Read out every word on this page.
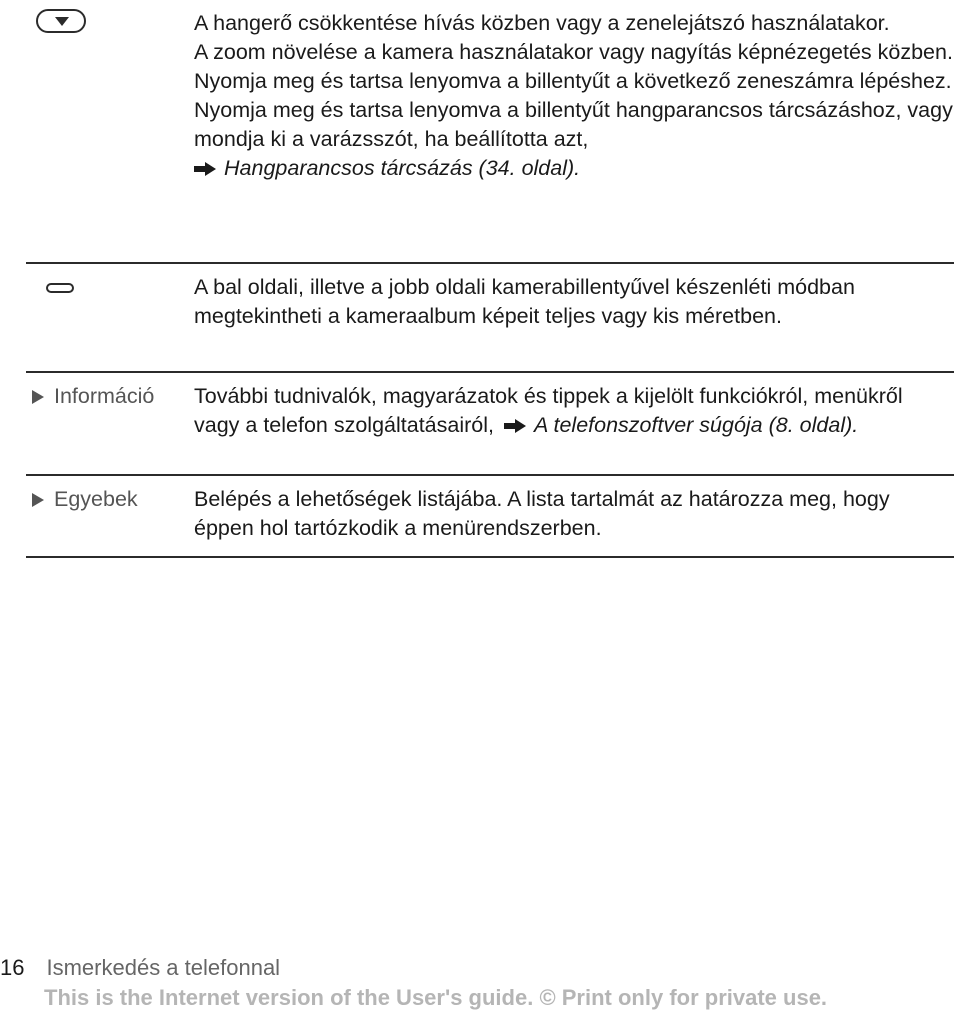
A hangerő csökkentése hívás közben vagy a zenelejátszó használatakor.

A zoom növelése a kamera használatakor vagy nagyítás képnézegetés közben.

Nyomja meg és tartsa lenyomva a billentyűt a következő zeneszámra lépéshez.

Nyomja meg és tartsa lenyomva a billentyűt hangparancsos tárcsázáshoz, vagy mondja ki a varázsszót, ha beállította azt,

Hangparancsos tárcsázás (34. oldal).

A bal oldali, illetve a jobb oldali kamerabillentyűvel készenléti módban megtekintheti a kameraalbum képeit teljes vagy kis méretben.

Információ További tudnivalók, magyarázatok és tippek a kijelölt funkciókról, menükről vagy a telefon szolgáltatásairól, A telefonszoftver súgója (8. oldal).

Egyebek	Belépés a lehetőségek listájába. A lista tartalmát az határozza meg, hogy éppen hol tartózkodik a menürendszerben.

16 Ismerkedés a telefonnal
This is the Internet version of the User's guide. © Print only for private use.
